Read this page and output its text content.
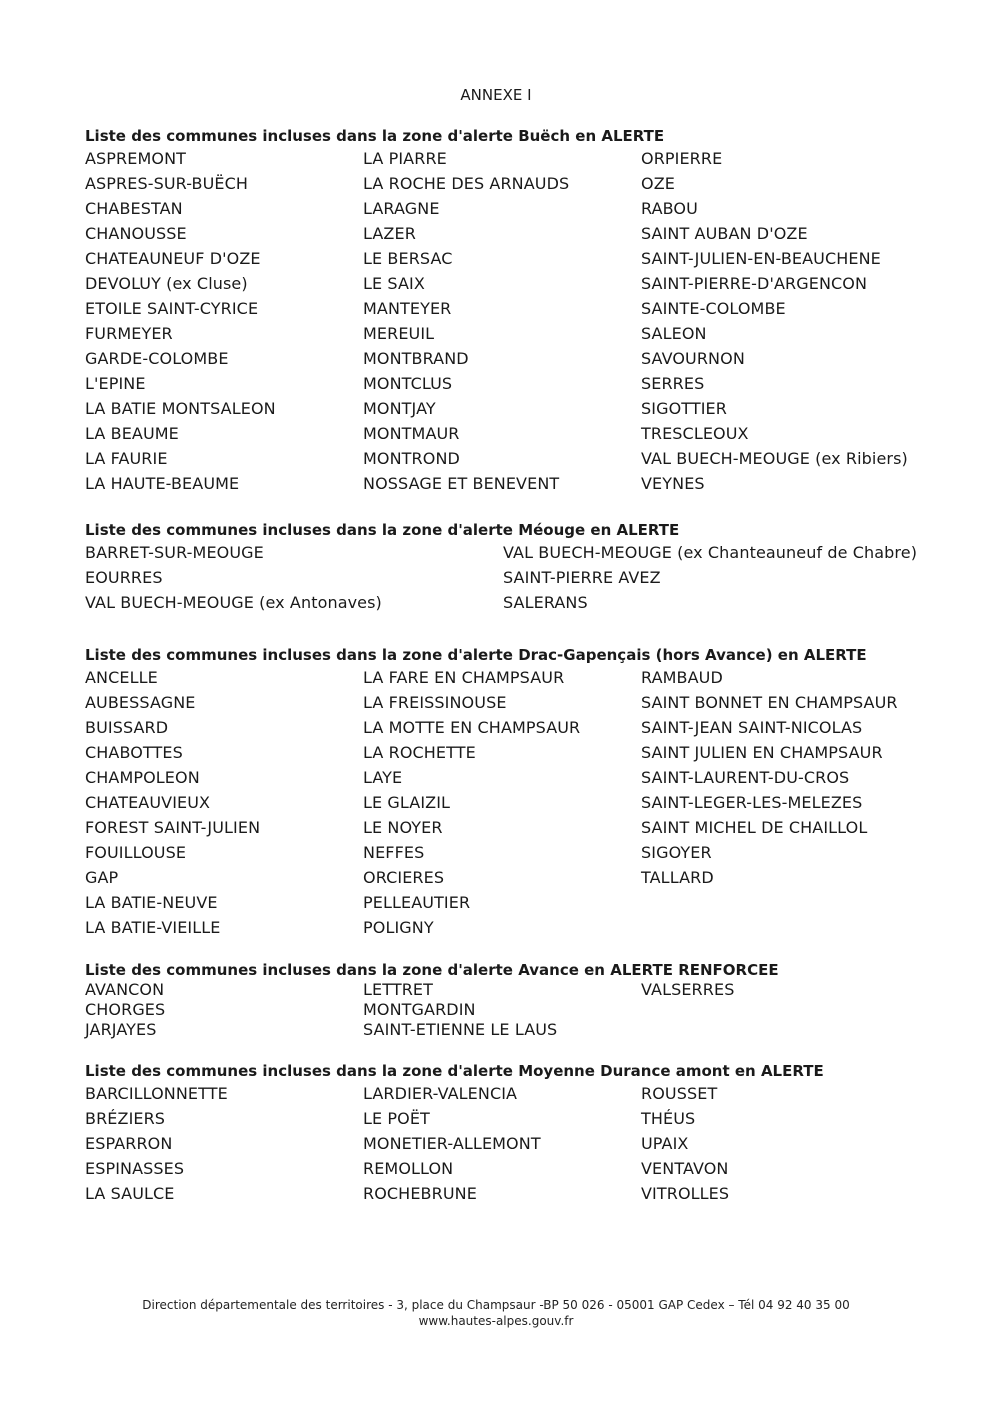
ANNEXE I
Liste des communes incluses dans la zone d'alerte Buëch en ALERTE
ASPREMONT
ASPRES-SUR-BUËCH
CHABESTAN
CHANOUSSE
CHATEAUNEUF D'OZE
DEVOLUY (ex Cluse)
ETOILE SAINT-CYRICE
FURMEYER
GARDE-COLOMBE
L'EPINE
LA BATIE MONTSALEON
LA BEAUME
LA FAURIE
LA HAUTE-BEAUME
LA PIARRE
LA ROCHE DES ARNAUDS
LARAGNE
LAZER
LE BERSAC
LE SAIX
MANTEYER
MEREUIL
MONTBRAND
MONTCLUS
MONTJAY
MONTMAUR
MONTROND
NOSSAGE ET BENEVENT
ORPIERRE
OZE
RABOU
SAINT AUBAN D'OZE
SAINT-JULIEN-EN-BEAUCHENE
SAINT-PIERRE-D'ARGENCON
SAINTE-COLOMBE
SALEON
SAVOURNON
SERRES
SIGOTTIER
TRESCLEOUX
VAL BUECH-MEOUGE (ex Ribiers)
VEYNES
Liste des communes incluses dans la zone d'alerte Méouge en ALERTE
BARRET-SUR-MEOUGE
EOURRES
VAL BUECH-MEOUGE (ex Antonaves)
VAL BUECH-MEOUGE (ex Chanteauneuf de Chabre)
SAINT-PIERRE AVEZ
SALERANS
Liste des communes incluses dans la zone d'alerte Drac-Gapençais (hors Avance) en ALERTE
ANCELLE
AUBESSAGNE
BUISSARD
CHABOTTES
CHAMPOLEON
CHATEAUVIEUX
FOREST SAINT-JULIEN
FOUILLOUSE
GAP
LA BATIE-NEUVE
LA BATIE-VIEILLE
LA FARE EN CHAMPSAUR
LA FREISSINOUSE
LA MOTTE EN CHAMPSAUR
LA ROCHETTE
LAYE
LE GLAIZIL
LE NOYER
NEFFES
ORCIERES
PELLEAUTIER
POLIGNY
RAMBAUD
SAINT BONNET EN CHAMPSAUR
SAINT-JEAN SAINT-NICOLAS
SAINT JULIEN EN CHAMPSAUR
SAINT-LAURENT-DU-CROS
SAINT-LEGER-LES-MELEZES
SAINT MICHEL DE CHAILLOL
SIGOYER
TALLARD
Liste des communes incluses dans la zone d'alerte Avance en ALERTE RENFORCEE
AVANCON
CHORGES
JARJAYES
LETTRET
MONTGARDIN
SAINT-ETIENNE LE LAUS
VALSERRES
Liste des communes incluses dans la zone d'alerte Moyenne Durance amont en ALERTE
BARCILLONNETTE
BRÉZIERS
ESPARRON
ESPINASSES
LA SAULCE
LARDIER-VALENCIA
LE POËT
MONETIER-ALLEMONT
REMOLLON
ROCHEBRUNE
ROUSSET
THÉUS
UPAIX
VENTAVON
VITROLLES
Direction départementale des territoires - 3, place du Champsaur -BP 50 026 - 05001 GAP Cedex – Tél 04 92 40 35 00
www.hautes-alpes.gouv.fr
